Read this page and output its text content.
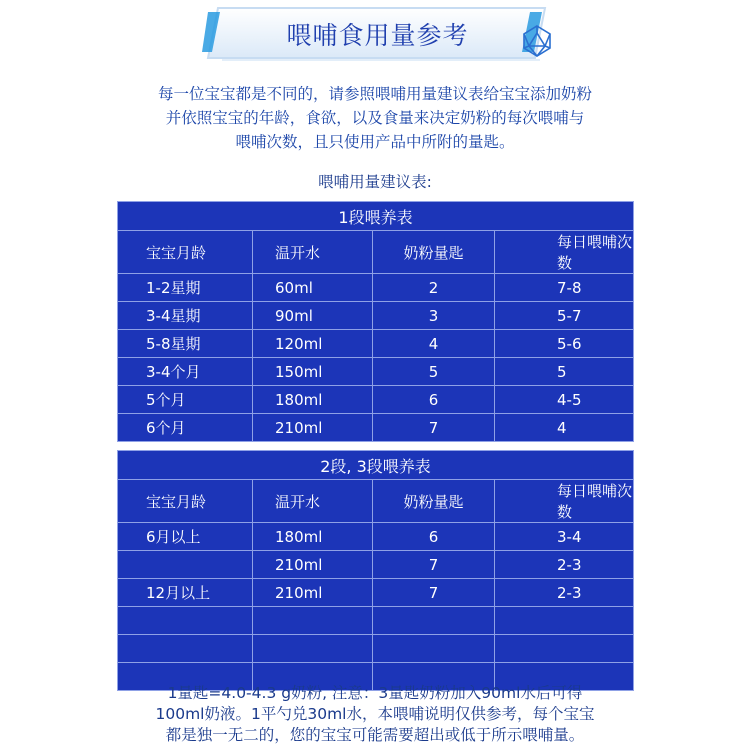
喂哺食用量参考
每一位宝宝都是不同的，请参照喂哺用量建议表给宝宝添加奶粉
并依照宝宝的年龄，食欲，以及食量来决定奶粉的每次喂哺与
喂哺次数，且只使用产品中所附的量匙。
喂哺用量建议表:
1段喂养表			
宝宝月龄	温开水	奶粉量匙	每日喂哺次数
1-2星期	60ml	2	7-8
3-4星期	90ml	3	5-7
5-8星期	120ml	4	5-6
3-4个月	150ml	5	5
5个月	180ml	6	4-5
6个月	210ml	7	4
2段, 3段喂养表			
宝宝月龄	温开水	奶粉量匙	每日喂哺次数
6月以上	180ml	6	3-4
	210ml	7	2-3
12月以上	210ml	7	2-3

1量匙=4.0-4.3 g奶粉, 注意：3量匙奶粉加入90ml水后可得
100ml奶液。1平勺兑30ml水，本喂哺说明仅供参考，每个宝宝
都是独一无二的，您的宝宝可能需要超出或低于所示喂哺量。
